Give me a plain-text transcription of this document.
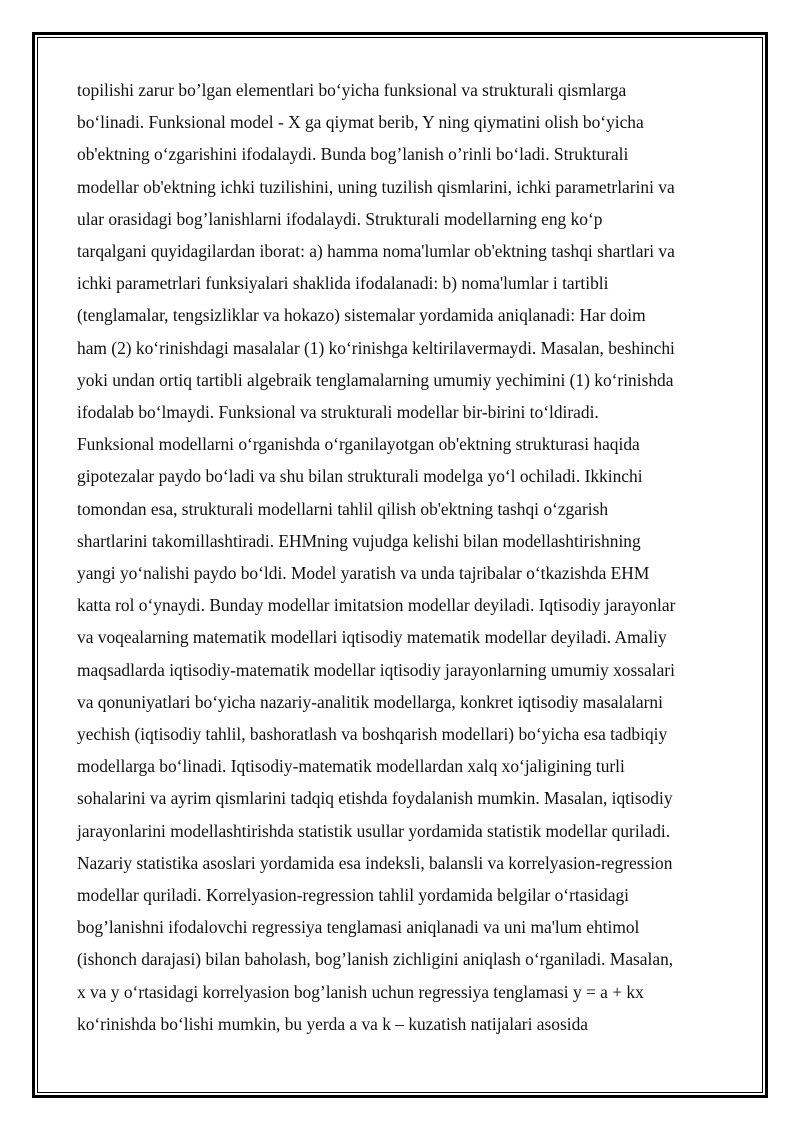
topilishi zarur bo’lgan elementlari bo‘yicha funksional va strukturali qismlarga
bo‘linadi. Funksional model - X ga qiymat berib, Y ning qiymatini olish bo‘yicha
ob'ektning o‘zgarishini ifodalaydi. Bunda bog’lanish o’rinli bo‘ladi. Strukturali
modellar ob'ektning ichki tuzilishini, uning tuzilish qismlarini, ichki parametrlarini va
ular orasidagi bog’lanishlarni ifodalaydi. Strukturali modellarning eng ko‘p
tarqalgani quyidagilardan iborat: a) hamma noma'lumlar ob'ektning tashqi shartlari va
ichki parametrlari funksiyalari shaklida ifodalanadi: b) noma'lumlar i tartibli
(tenglamalar, tengsizliklar va hokazo) sistemalar yordamida aniqlanadi: Har doim
ham (2) ko‘rinishdagi masalalar (1) ko‘rinishga keltirilavermaydi. Masalan, beshinchi
yoki undan ortiq tartibli algebraik tenglamalarning umumiy yechimini (1) ko‘rinishda
ifodalab bo‘lmaydi. Funksional va strukturali modellar bir-birini to‘ldiradi.
Funksional modellarni o‘rganishda o‘rganilayotgan ob'ektning strukturasi haqida
gipotezalar paydo bo‘ladi va shu bilan strukturali modelga yo‘l ochiladi. Ikkinchi
tomondan esa, strukturali modellarni tahlil qilish ob'ektning tashqi o‘zgarish
shartlarini takomillashtiradi. EHMning vujudga kelishi bilan modellashtirishning
yangi yo‘nalishi paydo bo‘ldi. Model yaratish va unda tajribalar o‘tkazishda EHM
katta rol o‘ynaydi. Bunday modellar imitatsion modellar deyiladi. Iqtisodiy jarayonlar
va voqealarning matematik modellari iqtisodiy matematik modellar deyiladi. Amaliy
maqsadlarda iqtisodiy-matematik modellar iqtisodiy jarayonlarning umumiy xossalari
va qonuniyatlari bo‘yicha nazariy-analitik modellarga, konkret iqtisodiy masalalarni
yechish (iqtisodiy tahlil, bashoratlash va boshqarish modellari) bo‘yicha esa tadbiqiy
modellarga bo‘linadi. Iqtisodiy-matematik modellardan xalq xo‘jaligining turli
sohalarini va ayrim qismlarini tadqiq etishda foydalanish mumkin. Masalan, iqtisodiy
jarayonlarini modellashtirishda statistik usullar yordamida statistik modellar quriladi.
Nazariy statistika asoslari yordamida esa indeksli, balansli va korrelyasion-regression
modellar quriladi. Korrelyasion-regression tahlil yordamida belgilar o‘rtasidagi
bog’lanishni ifodalovchi regressiya tenglamasi aniqlanadi va uni ma'lum ehtimol
(ishonch darajasi) bilan baholash, bog’lanish zichligini aniqlash o‘rganiladi. Masalan,
x va y o‘rtasidagi korrelyasion bog’lanish uchun regressiya tenglamasi y = a + kx
ko‘rinishda bo‘lishi mumkin, bu yerda a va k – kuzatish natijalari asosida
